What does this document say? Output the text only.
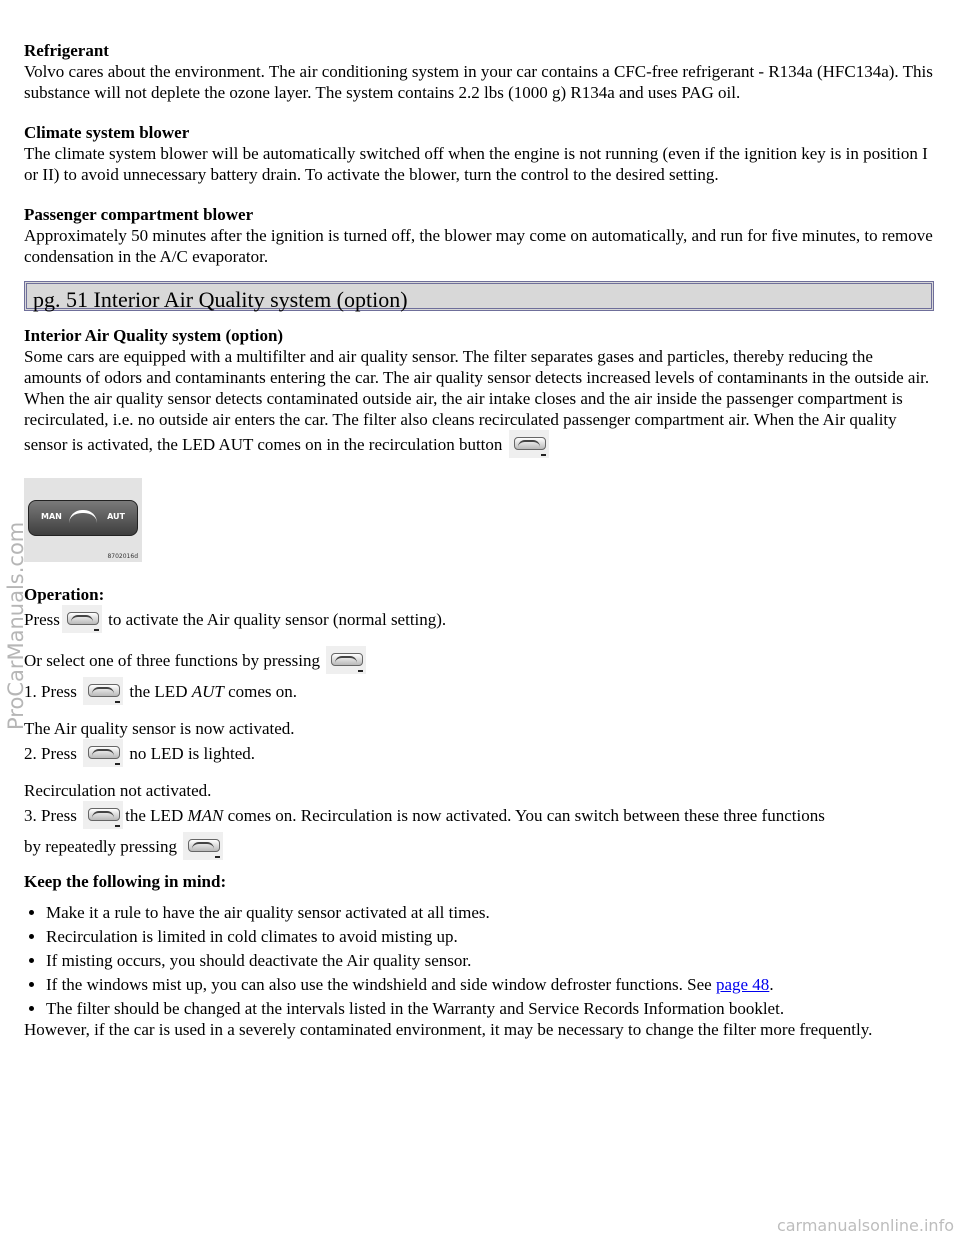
Refrigerant

Volvo cares about the environment. The air conditioning system in your car contains a CFC-free refrigerant - R134a (HFC134a). This substance will not deplete the ozone layer. The system contains 2.2 lbs (1000 g) R134a and uses PAG oil.

Climate system blower

The climate system blower will be automatically switched off when the engine is not running (even if the ignition key is in position I or II) to avoid unnecessary battery drain. To activate the blower, turn the control to the desired setting.

Passenger compartment blower

Approximately 50 minutes after the ignition is turned off, the blower may come on automatically, and run for five minutes, to remove condensation in the A/C evaporator.

pg. 51 Interior Air Quality system (option)
Interior Air Quality system (option)

Some cars are equipped with a multifilter and air quality sensor. The filter separates gases and particles, thereby reducing the amounts of odors and contaminants entering the car. The air quality sensor detects increased levels of contaminants in the outside air. When the air quality sensor detects contaminated outside air, the air intake closes and the air inside the passenger compartment is recirculated, i.e. no outside air enters the car. The filter also cleans recirculated passenger compartment air. When the Air quality sensor is activated, the LED AUT comes on in the recirculation button

MAN	AUT
8702016d
Operation:
Press	to activate the Air quality sensor (normal setting).
Or select one of three functions by pressing
1. Press	the LED AUT comes on.

The Air quality sensor is now activated.

2. Press	no LED is lighted.

Recirculation not activated.

3. Press	the LED MAN comes on. Recirculation is now activated. You can switch between these three functions
by repeatedly pressing
Keep the following in mind:
• Make it a rule to have the air quality sensor activated at all times.
• Recirculation is limited in cold climates to avoid misting up.
• If misting occurs, you should deactivate the Air quality sensor.
• If the windows mist up, you can also use the windshield and side window defroster functions. See page 48.
• The filter should be changed at the intervals listed in the Warranty and Service Records Information booklet.

However, if the car is used in a severely contaminated environment, it may be necessary to change the filter more frequently.

ProCarManuals.com
carmanualsonline.info
